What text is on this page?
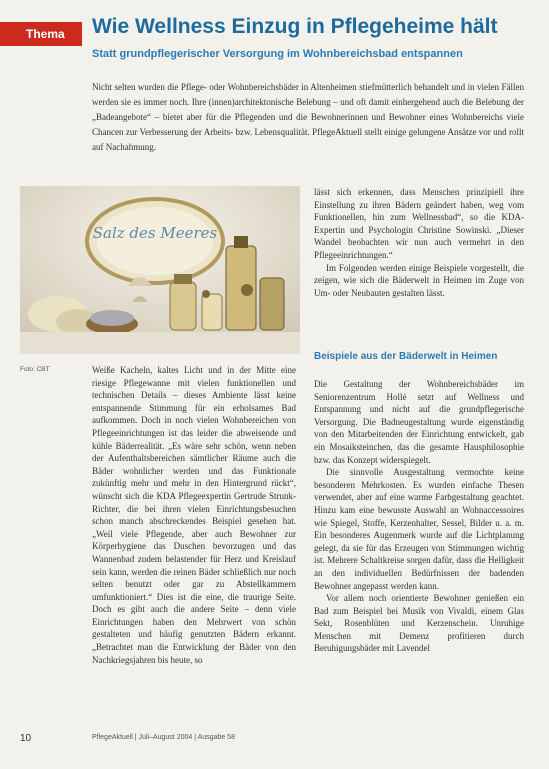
Thema	Wie Wellness Einzug in Pflegeheime hält
Statt grundpflegerischer Versorgung im Wohnbereichsbad entspannen

Nicht selten wurden die Pflege- oder Wohnbereichsbäder in Altenheimen stiefmütterlich behandelt und in vielen Fällen werden sie es immer noch. Ihre (innen)architektonische Belebung – und oft damit einhergehend auch die Belebung der „Badeangebote“ – bietet aber für die Pflegenden und die Bewohnerinnen und Bewohner eines Wohnbereichs viele Chancen zur Verbesserung der Arbeits- bzw. Lebensqualität. PflegeAktuell stellt einige gelungene Ansätze vor und rollt auf Nachahmung.

Salz des Meeres
Foto: CBT	Weiße Kacheln, kaltes Licht und in der Mitte eine riesige Pflegewanne mit vielen funktionellen und technischen Details – dieses Ambiente lässt keine entspannende Stimmung für ein erholsames Bad aufkommen. Doch in noch vielen Wohnbereichen von Pflegeeinrichtungen ist das leider die abweisende und kühle Bäderrealität. „Es wäre sehr schön, wenn neben der Aufenthaltsbereichen sämtlicher Räume auch die Bäder wohnlicher werden und das Funktionale zukünftig mehr und mehr in den Hintergrund rückt“, wünscht sich die KDA Pflegeexpertin Gertrude Strunk-Richter, die bei ihren vielen Einrichtungsbesuchen schon manch abschreckendes Beispiel gesehen hat. „Weil viele Pflegende, aber auch Bewohner zur Körperhygiene das Duschen bevorzugen und das Wannenbad zudem belastender für Herz und Kreislauf sein kann, werden die reinen Bäder schließlich nur noch selten benutzt oder gar zu Abstellkammern umfunktioniert.“ Dies ist die eine, die traurige Seite. Doch es gibt auch die andere Seite – denn viele Einrichtungen haben den Mehrwert von schön gestalteten und häufig genutzten Bädern erkannt. „Betrachtet man die Entwicklung der Bäder von den Nachkriegsjahren bis heute, so

lässt sich erkennen, dass Menschen prinzipiell ihre Einstellung zu ihren Bädern geändert haben, weg vom Funktionellen, hin zum Wellnessbad“, so die KDA-Expertin und Psychologin Christine Sowinski. „Dieser Wandel beobachten wir nun auch vermehrt in den Pflegeeinrichtungen.“

Im Folgenden werden einige Beispiele vorgestellt, die zeigen, wie sich die Bäderwelt in Heimen im Zuge von Um- oder Neubauten gestalten lässt.

Beispiele aus der Bäderwelt in Heimen

Die Gestaltung der Wohnbereichsbäder im Seniorenzentrum Hollé setzt auf Wellness und Entspannung und nicht auf die grundpflegerische Versorgung. Die Badneugestaltung wurde eigenständig von den Mitarbeitenden der Einrichtung entwickelt, gab ein Mosaiksteinchen, das die gesamte Hausphilosophie bzw. das Konzept widerspiegelt.

Die sinnvolle Ausgestaltung vermochte keine besonderen Mehrkosten. Es wurden einfache Thesen verwendet, aber auf eine warme Farbgestaltung geachtet. Hinzu kam eine bewusste Auswahl an Wohnaccessoires wie Spiegel, Stoffe, Kerzenhalter, Sessel, Bilder u. a. m. Ein besonderes Augenmerk wurde auf die Lichtplanung gelegt, da sie für das Erzeugen von Stimmungen wichtig ist. Mehrere Schaltkreise sorgen dafür, dass die Helligkeit an den individuellen Bedürfnissen der badenden Bewohner angepasst werden kann.

Vor allem noch orientierte Bewohner genießen ein Bad zum Beispiel bei Musik von Vivaldi, einem Glas Sekt, Rosenblüten und Kerzenschein. Unruhige Menschen mit Demenz profitieren durch Beruhigungsbäder mit Lavendel

10	PflegeAktuell | Juli–August 2004 | Ausgabe 58
